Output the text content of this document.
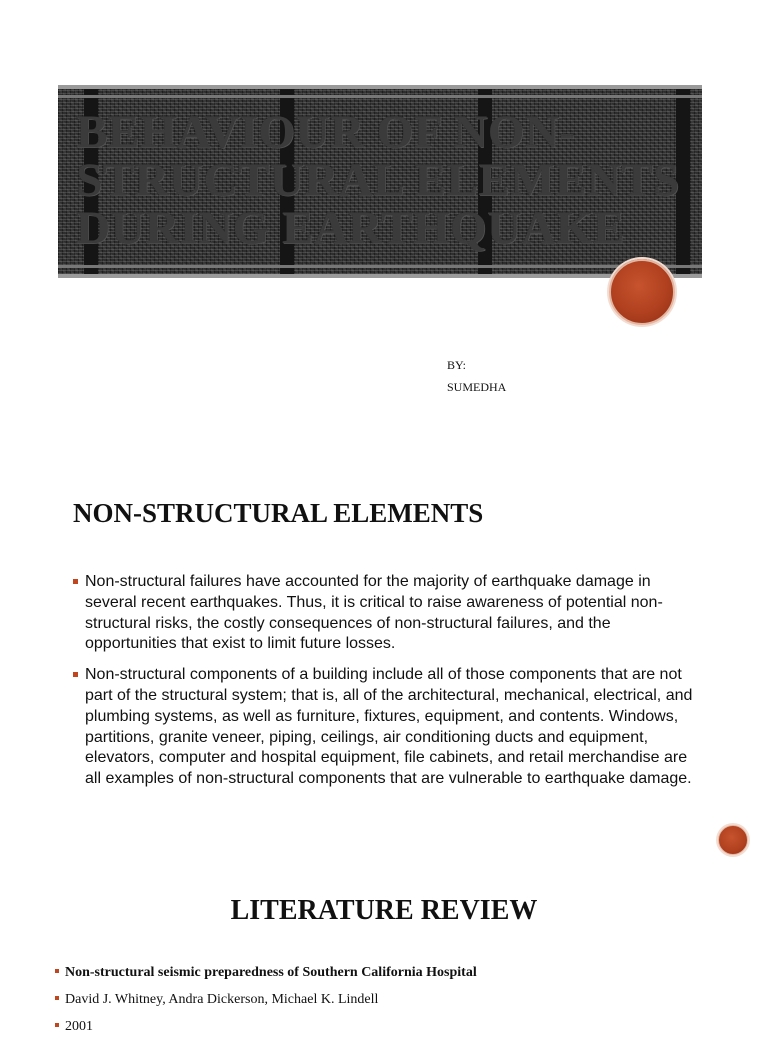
BEHAVIOUR OF NON-STRUCTURAL ELEMENTS DURING EARTHQUAKE
BY:
SUMEDHA
NON-STRUCTURAL ELEMENTS
Non-structural failures have accounted for the majority of earthquake damage in several recent earthquakes. Thus, it is critical to raise awareness of potential non-structural risks, the costly consequences of non-structural failures, and the opportunities that exist to limit future losses.
Non-structural components of a building include all of those components that are not part of the structural system; that is, all of the architectural, mechanical, electrical, and plumbing systems, as well as furniture, fixtures, equipment, and contents. Windows, partitions, granite veneer, piping, ceilings, air conditioning ducts and equipment, elevators, computer and hospital equipment, file cabinets, and retail merchandise are all examples of non-structural components that are vulnerable to earthquake damage.
LITERATURE REVIEW
Non-structural seismic preparedness of Southern California Hospital
David J. Whitney, Andra Dickerson, Michael K. Lindell
2001
